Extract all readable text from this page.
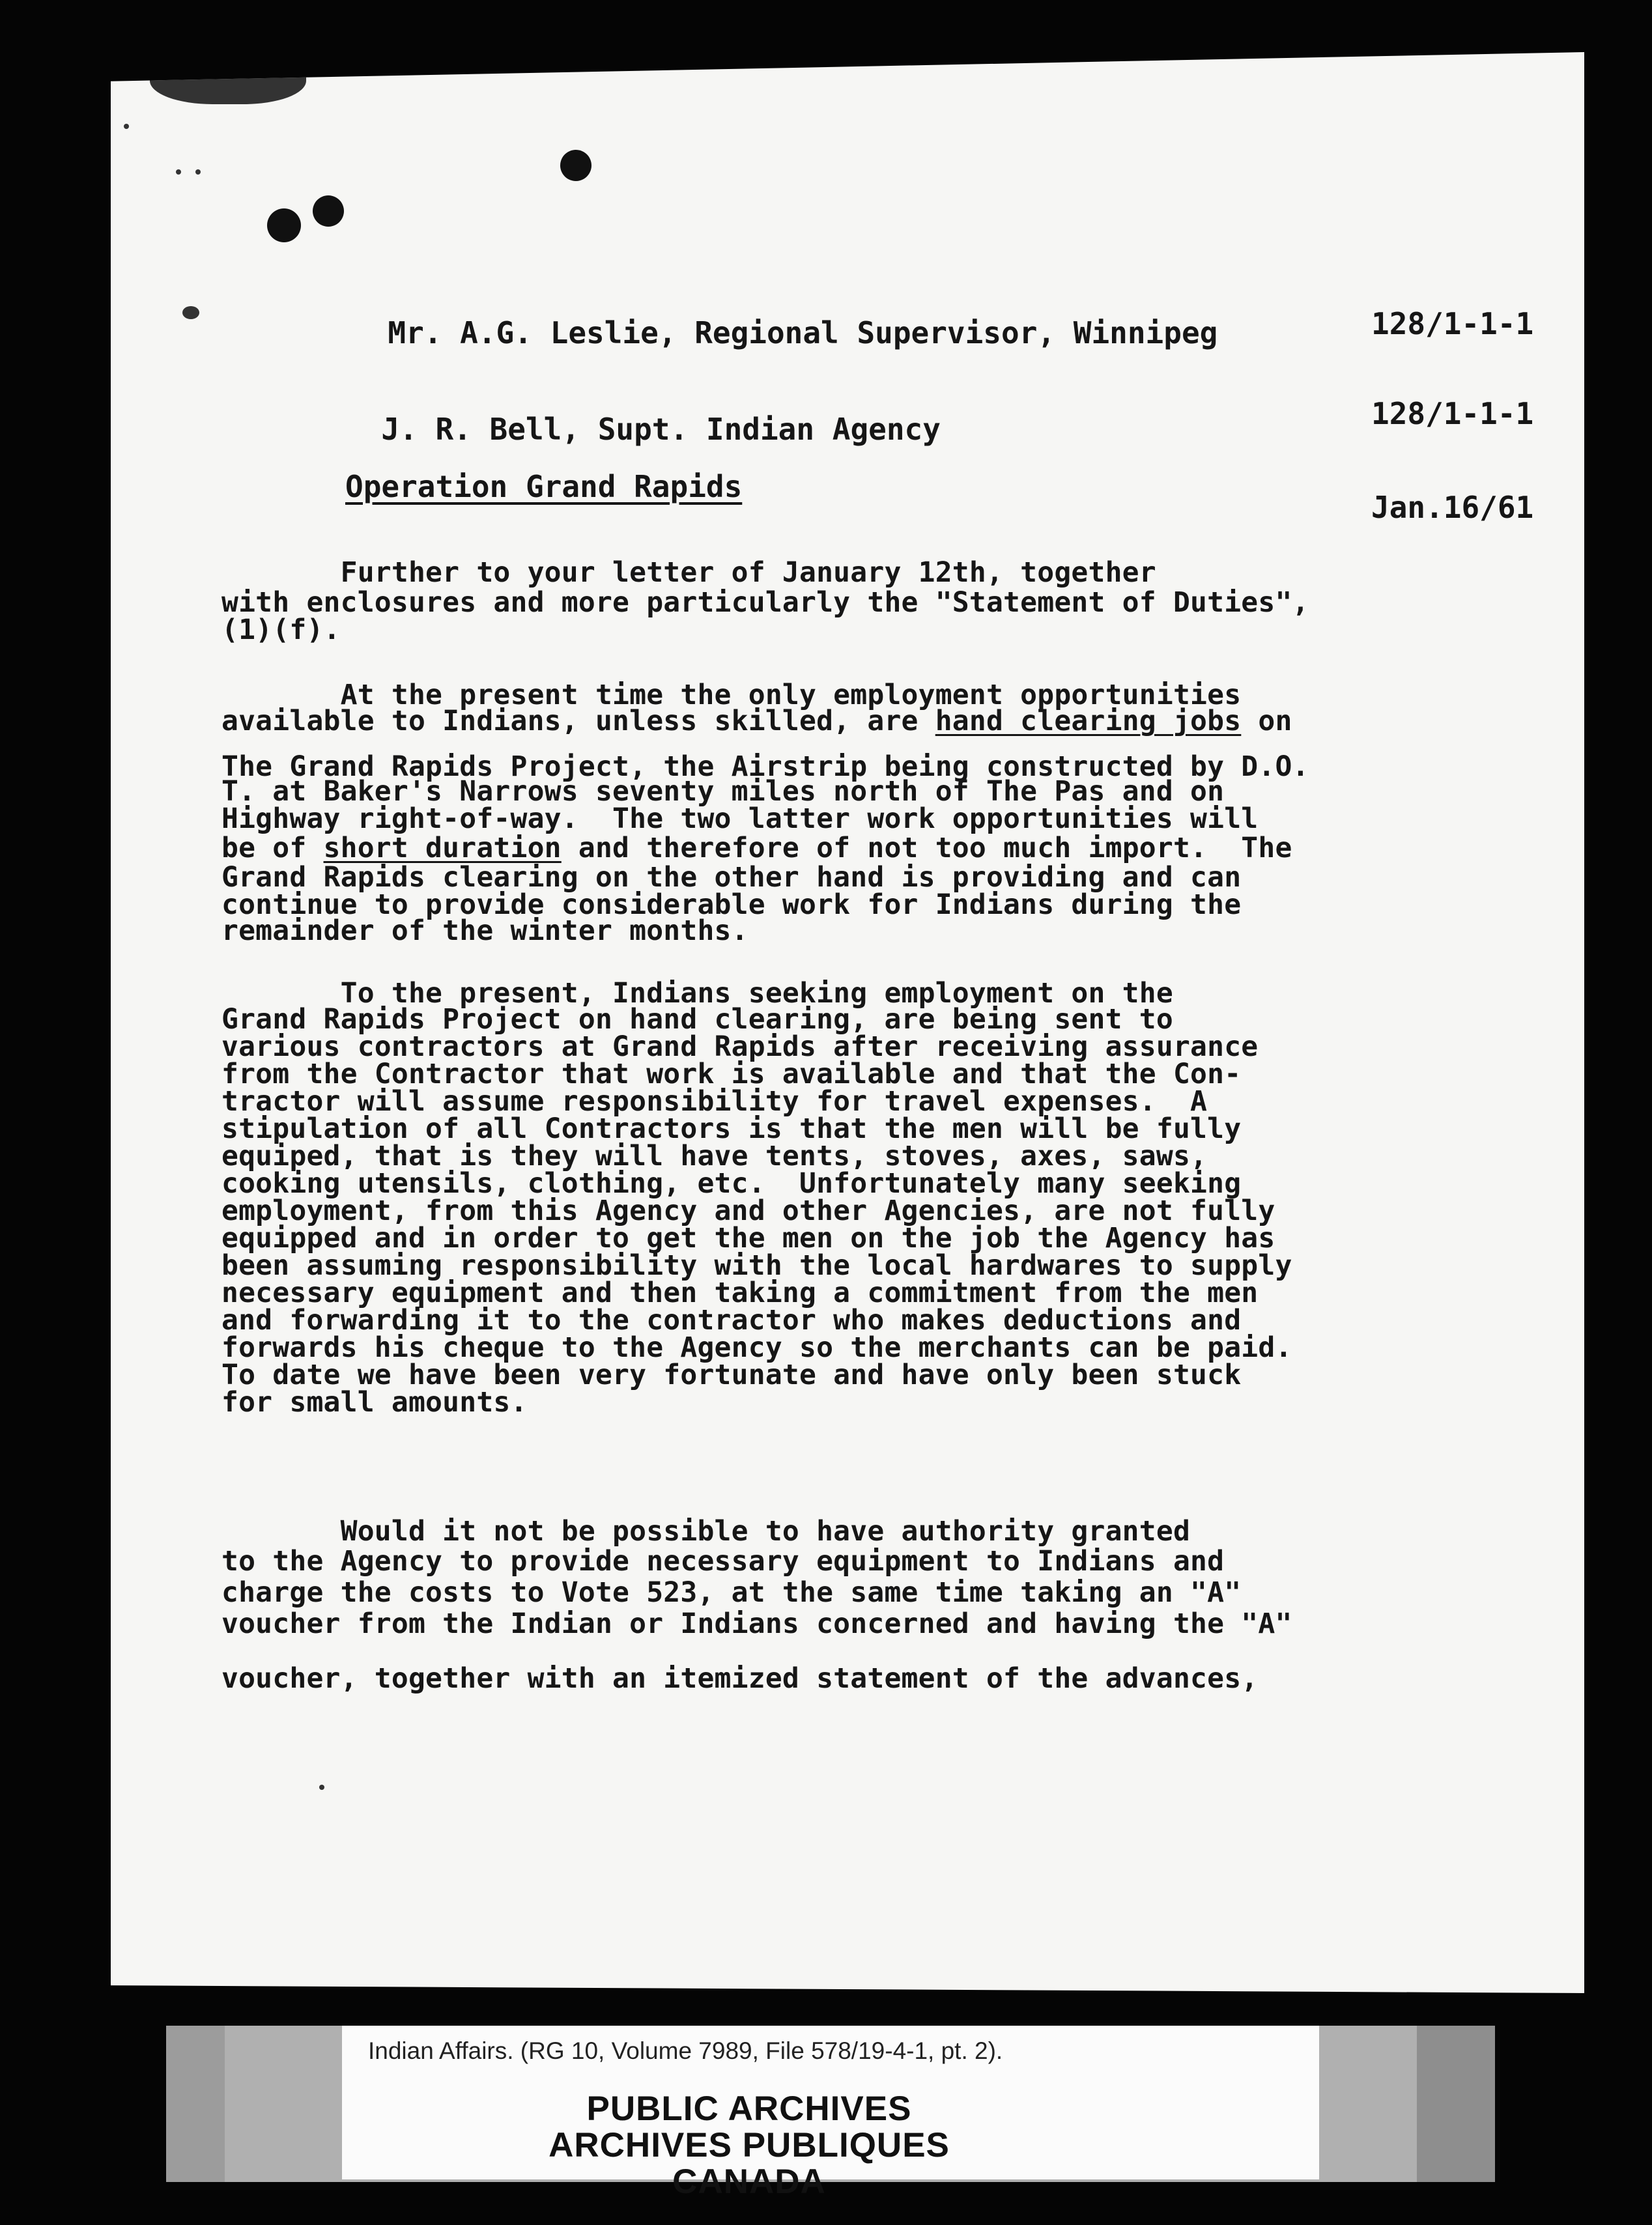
Mr. A.G. Leslie, Regional Supervisor, Winnipeg	128/1-1-1

J. R. Bell, Supt. Indian Agency	128/1-1-1
Operation Grand Rapids
Jan.16/61

Further to your letter of January 12th, together

with enclosures and more particularly the "Statement of Duties",

(1)(f).

At the present time the only employment opportunities

available to Indians, unless skilled, are hand clearing jobs on

The Grand Rapids Project, the Airstrip being constructed by D.O.

T. at Baker's Narrows seventy miles north of The Pas and on

Highway right-of-way.  The two latter work opportunities will

be of short duration and therefore of not too much import.  The

Grand Rapids clearing on the other hand is providing and can

continue to provide considerable work for Indians during the

remainder of the winter months.

To the present, Indians seeking employment on the

Grand Rapids Project on hand clearing, are being sent to

various contractors at Grand Rapids after receiving assurance

from the Contractor that work is available and that the Con-

tractor will assume responsibility for travel expenses.  A

stipulation of all Contractors is that the men will be fully

equiped, that is they will have tents, stoves, axes, saws,

cooking utensils, clothing, etc.  Unfortunately many seeking

employment, from this Agency and other Agencies, are not fully

equipped and in order to get the men on the job the Agency has

been assuming responsibility with the local hardwares to supply

necessary equipment and then taking a commitment from the men

and forwarding it to the contractor who makes deductions and

forwards his cheque to the Agency so the merchants can be paid.

To date we have been very fortunate and have only been stuck

for small amounts.

Would it not be possible to have authority granted

to the Agency to provide necessary equipment to Indians and

charge the costs to Vote 523, at the same time taking an "A"

voucher from the Indian or Indians concerned and having the "A"

voucher, together with an itemized statement of the advances,

Indian Affairs. (RG 10, Volume 7989, File 578/19-4-1, pt. 2).

PUBLIC ARCHIVES
ARCHIVES PUBLIQUES
CANADA
